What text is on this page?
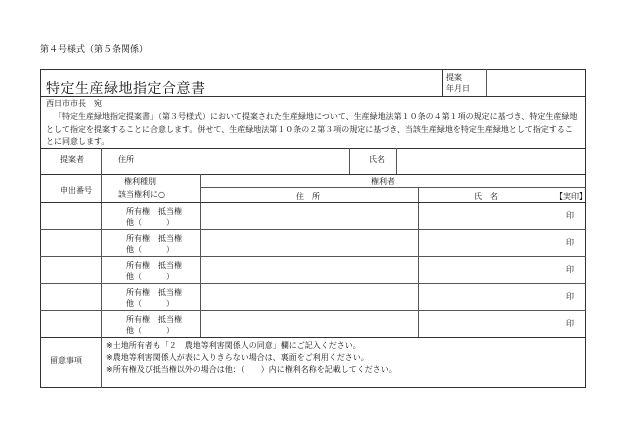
第４号様式（第５条関係）
特定生産緑地指定合意書
提案
年月日
西日市市長　宛
「特定生産緑地指定提案書」（第３号様式）において提案された生産緑地について、生産緑地法第１０条の４第１項の規定に基づき、特定生産緑地
として指定を提案することに合意します。併せて、生産緑地法第１０条の２第３項の規定に基づき、当該生産緑地を特定生産緑地として指定するこ
とに同意します。
提案者	住所	氏名
申出番号
権利種別
該当権利に○
権利者
住　所	氏　名	【実印】
所有権　抵当権
他（　　　）
印
所有権　抵当権
他（　　　）
印
所有権　抵当権
他（　　　）
印
所有権　抵当権
他（　　　）
印
所有権　抵当権
他（　　　）
印
留意事項
※土地所有者も「２　農地等利害関係人の同意」欄にご記入ください。
※農地等利害関係人が表に入りきらない場合は、裏面をご利用ください。
※所有権及び抵当権以外の場合は他：（　　）内に権利名称を記載してください。
